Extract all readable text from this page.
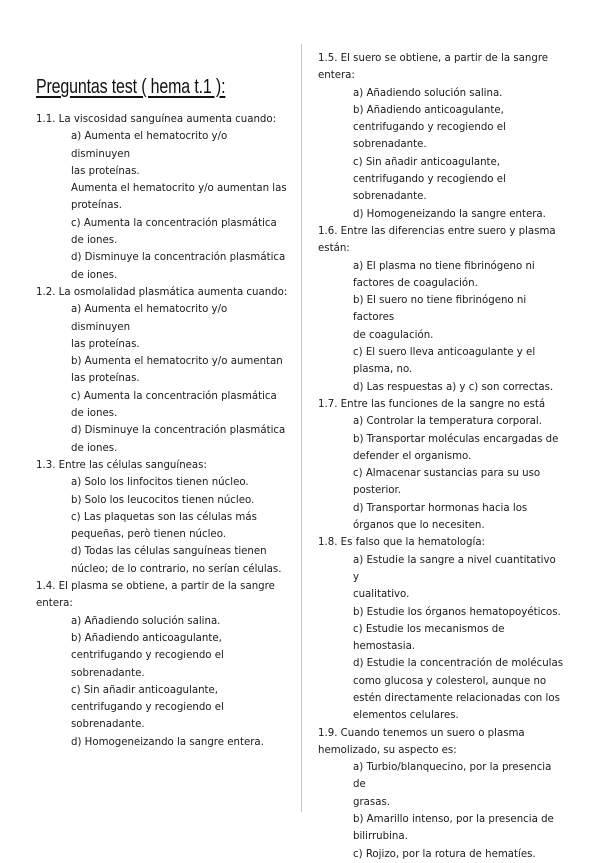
Preguntas test ( hema t.1 ):
1.1. La viscosidad sanguínea aumenta cuando:
a) Aumenta el hematocrito y/o disminuyen
las proteínas.
Aumenta el hematocrito y/o aumentan las
proteínas.
c) Aumenta la concentración plasmática
de iones.
d) Disminuye la concentración plasmática
de iones.
1.2. La osmolalidad plasmática aumenta cuando:
a) Aumenta el hematocrito y/o disminuyen
las proteínas.
b) Aumenta el hematocrito y/o aumentan
las proteínas.
c) Aumenta la concentración plasmática
de iones.
d) Disminuye la concentración plasmática
de iones.
1.3. Entre las células sanguíneas:
a) Solo los linfocitos tienen núcleo.
b) Solo los leucocitos tienen núcleo.
c) Las plaquetas son las células más
pequeñas, però tienen núcleo.
d) Todas las células sanguíneas tienen
núcleo; de lo contrario, no serían células.
1.4. El plasma se obtiene, a partir de la sangre
entera:
a) Añadiendo solución salina.
b) Añadiendo anticoagulante,
centrifugando y recogiendo el
sobrenadante.
c) Sin añadir anticoagulante,
centrifugando y recogiendo el
sobrenadante.
d) Homogeneizando la sangre entera.
1.5. El suero se obtiene, a partir de la sangre
entera:
a) Añadiendo solución salina.
b) Añadiendo anticoagulante,
centrifugando y recogiendo el
sobrenadante.
c) Sin añadir anticoagulante,
centrifugando y recogiendo el
sobrenadante.
d) Homogeneizando la sangre entera.
1.6. Entre las diferencias entre suero y plasma
están:
a) El plasma no tiene fibrinógeno ni
factores de coagulación.
b) El suero no tiene fibrinógeno ni factores
de coagulación.
c) El suero lleva anticoagulante y el
plasma, no.
d) Las respuestas a) y c) son correctas.
1.7. Entre las funciones de la sangre no está
a) Controlar la temperatura corporal.
b) Transportar moléculas encargadas de
defender el organismo.
c) Almacenar sustancias para su uso
posterior.
d) Transportar hormonas hacia los
órganos que lo necesiten.
1.8. Es falso que la hematología:
a) Estudie la sangre a nivel cuantitativo y
cualitativo.
b) Estudie los órganos hematopoyéticos.
c) Estudie los mecanismos de hemostasia.
d) Estudie la concentración de moléculas
como glucosa y colesterol, aunque no
estén directamente relacionadas con los
elementos celulares.
1.9. Cuando tenemos un suero o plasma
hemolizado, su aspecto es:
a) Turbio/blanquecino, por la presencia de
grasas.
b) Amarillo intenso, por la presencia de
bilirrubina.
c) Rojizo, por la rotura de hematíes.
